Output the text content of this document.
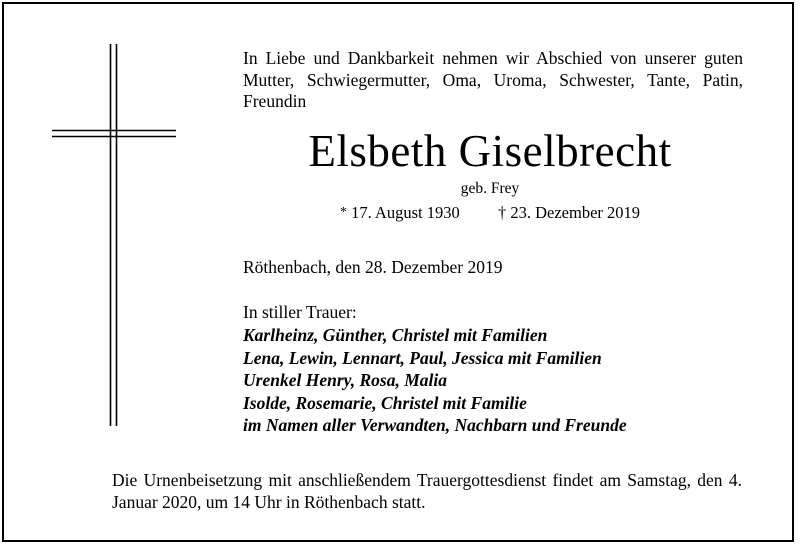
In Liebe und Dankbarkeit nehmen wir Abschied von unserer guten Mutter, Schwiegermutter, Oma, Uroma, Schwester, Tante, Patin, Freundin
Elsbeth Giselbrecht
geb. Frey
* 17. August 1930 † 23. Dezember 2019
Röthenbach, den 28. Dezember 2019
In stiller Trauer:
Karlheinz, Günther, Christel mit Familien
Lena, Lewin, Lennart, Paul, Jessica mit Familien
Urenkel Henry, Rosa, Malia
Isolde, Rosemarie, Christel mit Familie
im Namen aller Verwandten, Nachbarn und Freunde
Die Urnenbeisetzung mit anschließendem Trauergottesdienst findet am Samstag, den 4. Januar 2020, um 14 Uhr in Röthenbach statt.
